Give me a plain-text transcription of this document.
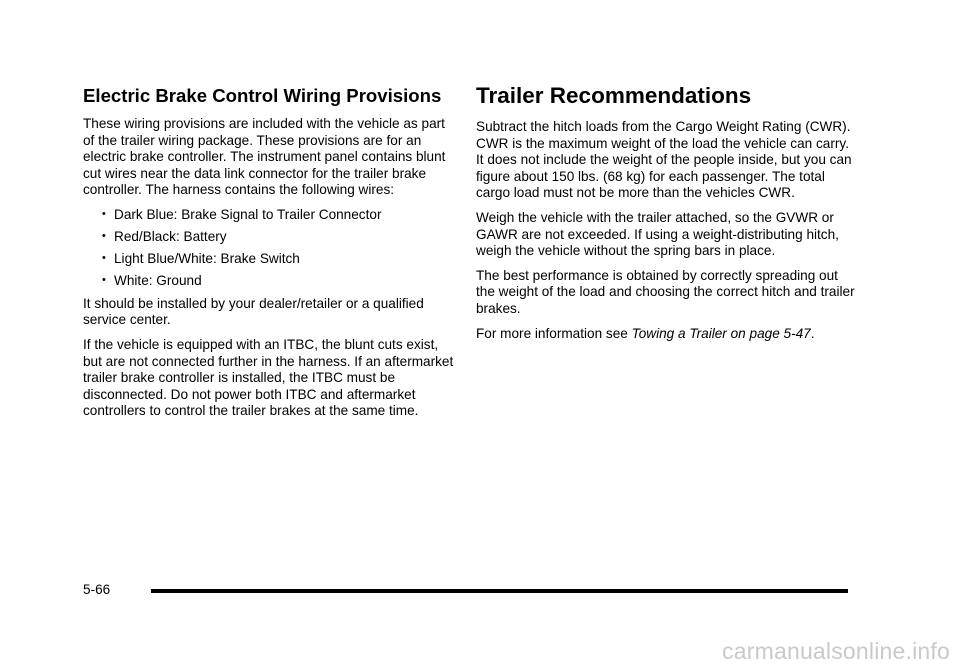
Electric Brake Control Wiring Provisions

These wiring provisions are included with the vehicle as part of the trailer wiring package. These provisions are for an electric brake controller. The instrument panel contains blunt cut wires near the data link connector for the trailer brake controller. The harness contains the following wires:

• Dark Blue: Brake Signal to Trailer Connector
• Red/Black: Battery
• Light Blue/White: Brake Switch
• White: Ground

It should be installed by your dealer/retailer or a qualified service center.

If the vehicle is equipped with an ITBC, the blunt cuts exist, but are not connected further in the harness. If an aftermarket trailer brake controller is installed, the ITBC must be disconnected. Do not power both ITBC and aftermarket controllers to control the trailer brakes at the same time.

Trailer Recommendations

Subtract the hitch loads from the Cargo Weight Rating (CWR). CWR is the maximum weight of the load the vehicle can carry. It does not include the weight of the people inside, but you can figure about 150 lbs. (68 kg) for each passenger. The total cargo load must not be more than the vehicles CWR.

Weigh the vehicle with the trailer attached, so the GVWR or GAWR are not exceeded. If using a weight-distributing hitch, weigh the vehicle without the spring bars in place.

The best performance is obtained by correctly spreading out the weight of the load and choosing the correct hitch and trailer brakes.

For more information see Towing a Trailer on page 5-47.

5-66
carmanualsonline.info
